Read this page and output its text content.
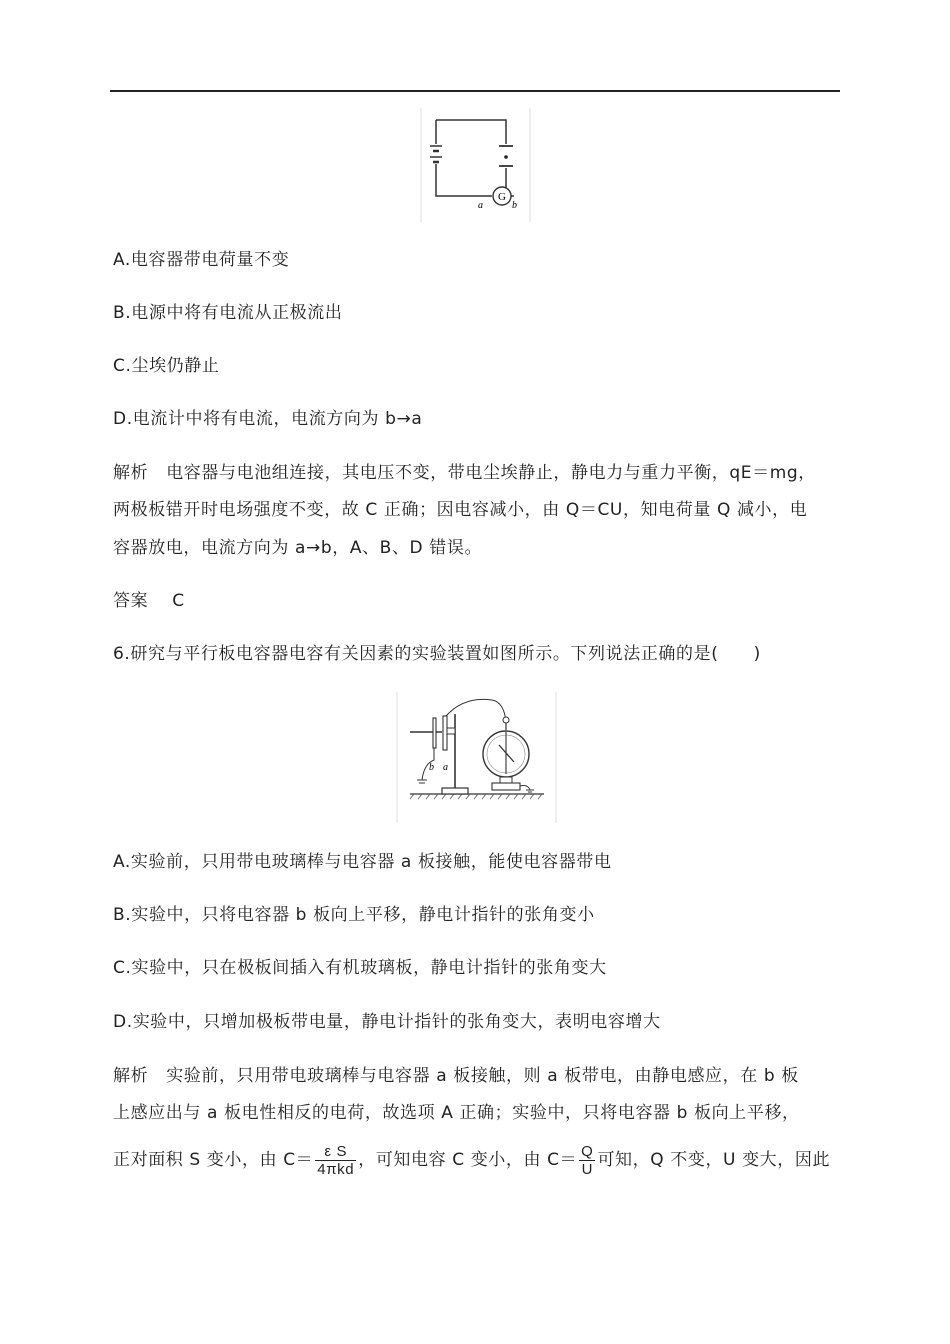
G
a	b
A.电容器带电荷量不变
B.电源中将有电流从正极流出
C.尘埃仍静止
D.电流计中将有电流，电流方向为 b→a
解析 电容器与电池组连接，其电压不变，带电尘埃静止，静电力与重力平衡，qE＝mg，
两极板错开时电场强度不变，故 C 正确；因电容减小，由 Q＝CU，知电荷量 Q 减小，电
容器放电，电流方向为 a→b，A、B、D 错误。
答案 C
6.研究与平行板电容器电容有关因素的实验装置如图所示。下列说法正确的是(　　)
b a
A.实验前，只用带电玻璃棒与电容器 a 板接触，能使电容器带电
B.实验中，只将电容器 b 板向上平移，静电计指针的张角变小
C.实验中，只在极板间插入有机玻璃板，静电计指针的张角变大
D.实验中，只增加极板带电量，静电计指针的张角变大，表明电容增大
解析 实验前，只用带电玻璃棒与电容器 a 板接触，则 a 板带电，由静电感应，在 b 板
上感应出与 a 板电性相反的电荷，故选项 A 正确；实验中，只将电容器 b 板向上平移，
正对面积 S 变小，由 $C= \frac{\text{ε S}}{\text{4πkd}}$ ，可知电容 C 变小，由 $C= \frac{Q}{U}$ 可知，Q 不变，U 变大，因此
